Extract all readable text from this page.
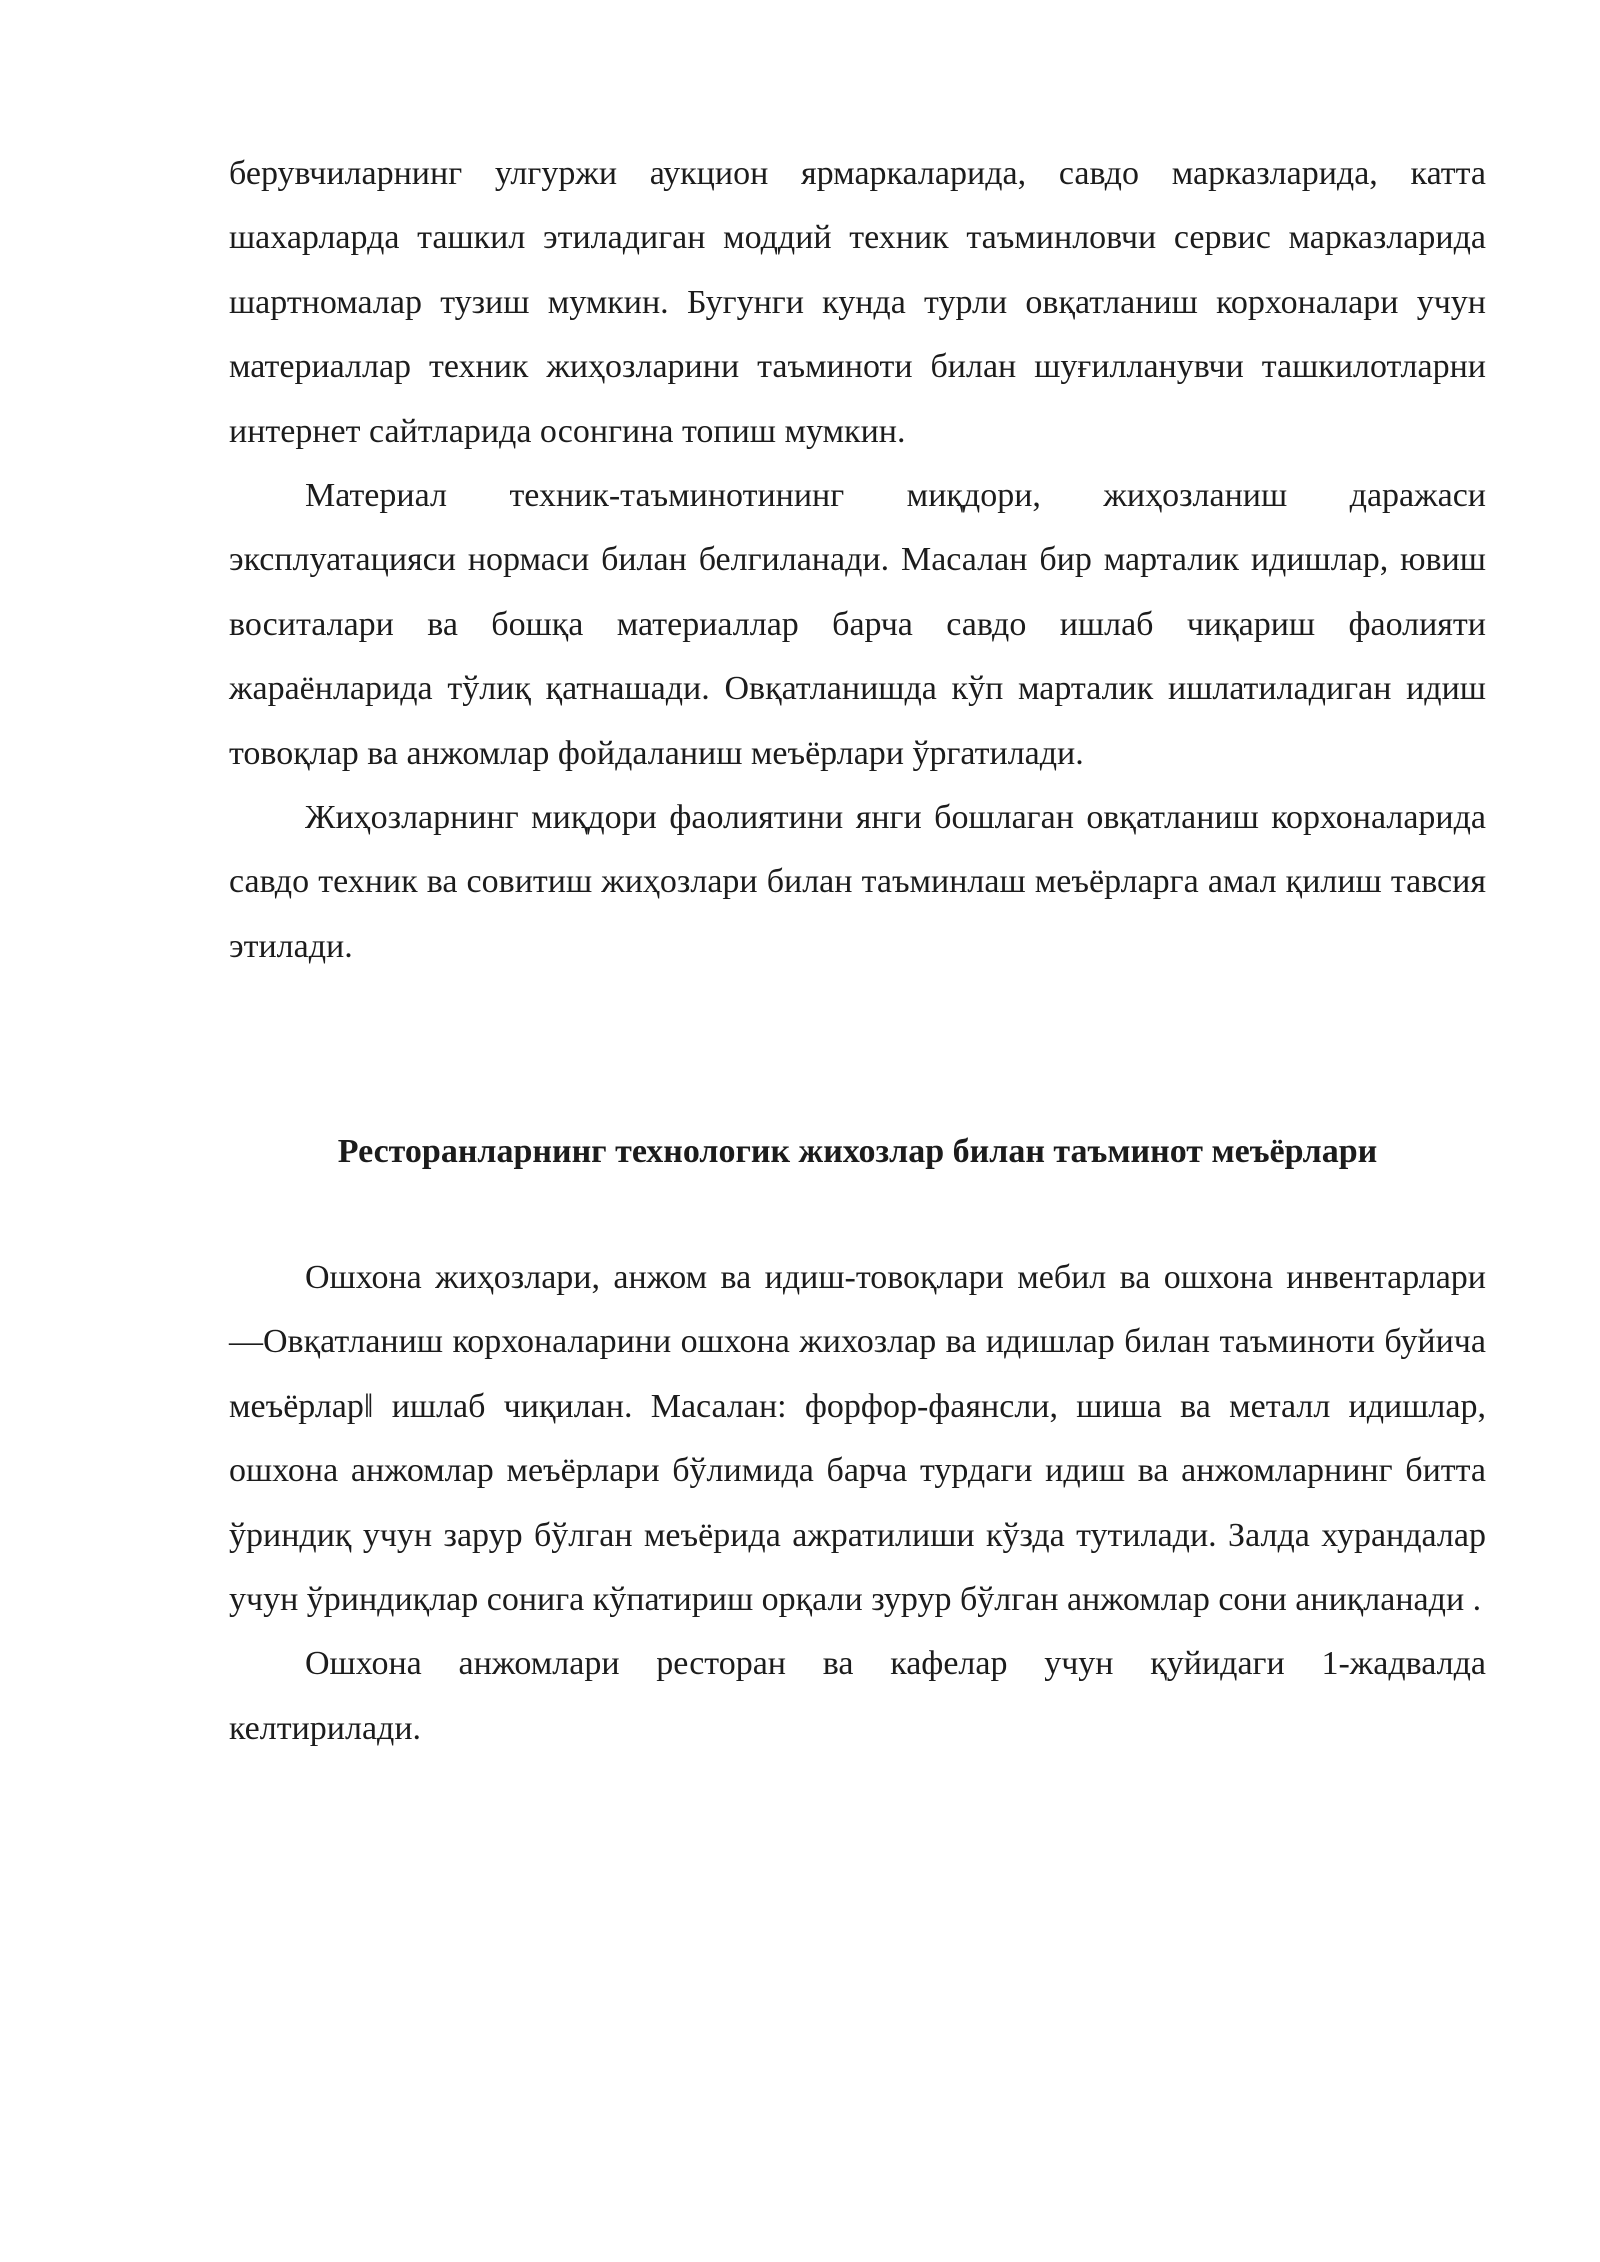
берувчиларнинг улгуржи аукцион ярмаркаларида, савдо марказларида, катта шахарларда ташкил этиладиган моддий техник таъминловчи сервис марказларида шартномалар тузиш мумкин. Бугунги кунда турли овқатланиш корхоналари учун материаллар техник жиҳозларини таъминоти билан шуғилланувчи ташкилотларни интернет сайтларида осонгина топиш мумкин.

Материал техник-таъминотининг миқдори, жиҳозланиш даражаси эксплуатацияси нормаси билан белгиланади. Масалан бир марталик идишлар, ювиш воситалари ва бошқа материаллар барча савдо ишлаб чиқариш фаолияти жараёнларида тўлиқ қатнашади. Овқатланишда кўп марталик ишлатиладиган идиш товоқлар ва анжомлар фойдаланиш меъёрлари ўргатилади.

Жиҳозларнинг миқдори фаолиятини янги бошлаган овқатланиш корхоналарида савдо техник ва совитиш жиҳозлари билан таъминлаш меъёрларга амал қилиш тавсия этилади.

Ресторанларнинг технологик жихозлар билан таъминот меъёрлари

Ошхона жиҳозлари, анжом ва идиш-товоқлари мебил ва ошхона инвентарлари ―Овқатланиш корхоналарини ошхона жихозлар ва идишлар билан таъминоти буйича меъёрлар‖ ишлаб чиқилан. Масалан: форфор-фаянсли, шиша ва металл идишлар, ошхона анжомлар меъёрлари бўлимида барча турдаги идиш ва анжомларнинг битта ўриндиқ учун зарур бўлган меъёрида ажратилиши кўзда тутилади. Залда хурандалар учун ўриндиқлар сонига кўпатириш орқали зурур бўлган анжомлар сони аниқланади .

Ошхона анжомлари ресторан ва кафелар учун қуйидаги 1-жадвалда келтирилади.
